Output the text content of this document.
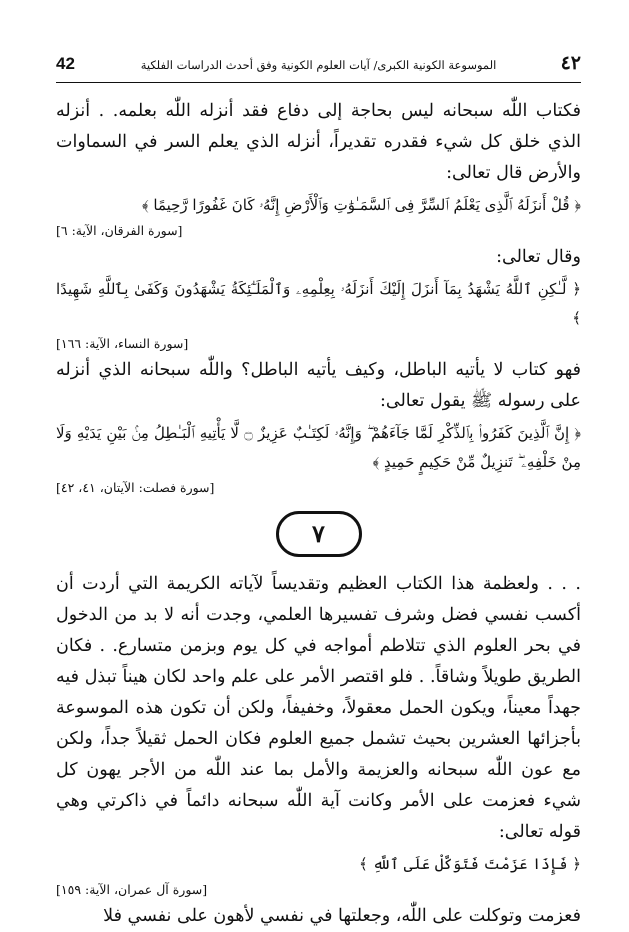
42	الموسوعة الكونية الكبرى/ آيات العلوم الكونية وفق أحدث الدراسات الفلكية	٤٢

فكتاب اللّٰه سبحانه ليس بحاجة إلى دفاع فقد أنزله اللّٰه بعلمه. . أنزله الذي خلق كل شيء فقدره تقديراً، أنزله الذي يعلم السر في السماوات والأرض قال تعالى:

﴿ قُلْ أَنزَلَهُ ٱلَّذِى يَعْلَمُ ٱلسِّرَّ فِى ٱلسَّمَـٰوَٰتِ وَٱلْأَرْضِ إِنَّهُۥ كَانَ غَفُورًا رَّحِيمًا ﴾

[سورة الفرقان، الآية: ٦]

وقال تعالى:

﴿ لَّـٰكِنِ ٱللَّهُ يَشْهَدُ بِمَآ أَنزَلَ إِلَيْكَ أَنزَلَهُۥ بِعِلْمِهِۦ وَٱلْمَلَـٰٓئِكَةُ يَشْهَدُونَ وَكَفَىٰ بِٱللَّهِ شَهِيدًا ﴾

[سورة النساء، الآية: ١٦٦]

فهو كتاب لا يأتيه الباطل، وكيف يأتيه الباطل؟ واللّٰه سبحانه الذي أنزله على رسوله ﷺ يقول تعالى:

﴿ إِنَّ ٱلَّذِينَ كَفَرُوا۟ بِٱلذِّكْرِ لَمَّا جَآءَهُمْ ۖ وَإِنَّهُۥ لَكِتَـٰبٌ عَزِيزٌ ۝ لَّا يَأْتِيهِ ٱلْبَـٰطِلُ مِنۢ بَيْنِ يَدَيْهِ وَلَا مِنْ خَلْفِهِۦ ۖ تَنزِيلٌ مِّنْ حَكِيمٍ حَمِيدٍ ﴾

[سورة فصلت: الآيتان، ٤١، ٤٢]
٧

. . . ولعظمة هذا الكتاب العظيم وتقديساً لآياته الكريمة التي أردت أن أكسب نفسي فضل وشرف تفسيرها العلمي، وجدت أنه لا بد من الدخول في بحر العلوم الذي تتلاطم أمواجه في كل يوم وبزمن متسارع. . فكان الطريق طويلاً وشاقاً. . فلو اقتصر الأمر على علم واحد لكان هيناً تبذل فيه جهداً معيناً، ويكون الحمل معقولاً، وخفيفاً، ولكن أن تكون هذه الموسوعة بأجزائها العشرين بحيث تشمل جميع العلوم فكان الحمل ثقيلاً جداً، ولكن مع عون اللّٰه سبحانه والعزيمة والأمل بما عند اللّٰه من الأجر يهون كل شيء فعزمت على الأمر وكانت آية اللّٰه سبحانه دائماً في ذاكرتي وهي قوله تعالى:

﴿ فَإِذَا عَزَمْتَ فَتَوَكَّلْ عَلَى ٱللَّهِ ﴾

[سورة آل عمران، الآية: ١٥٩]

فعزمت وتوكلت على اللّٰه، وجعلتها في نفسي لأهون على نفسي فلا
